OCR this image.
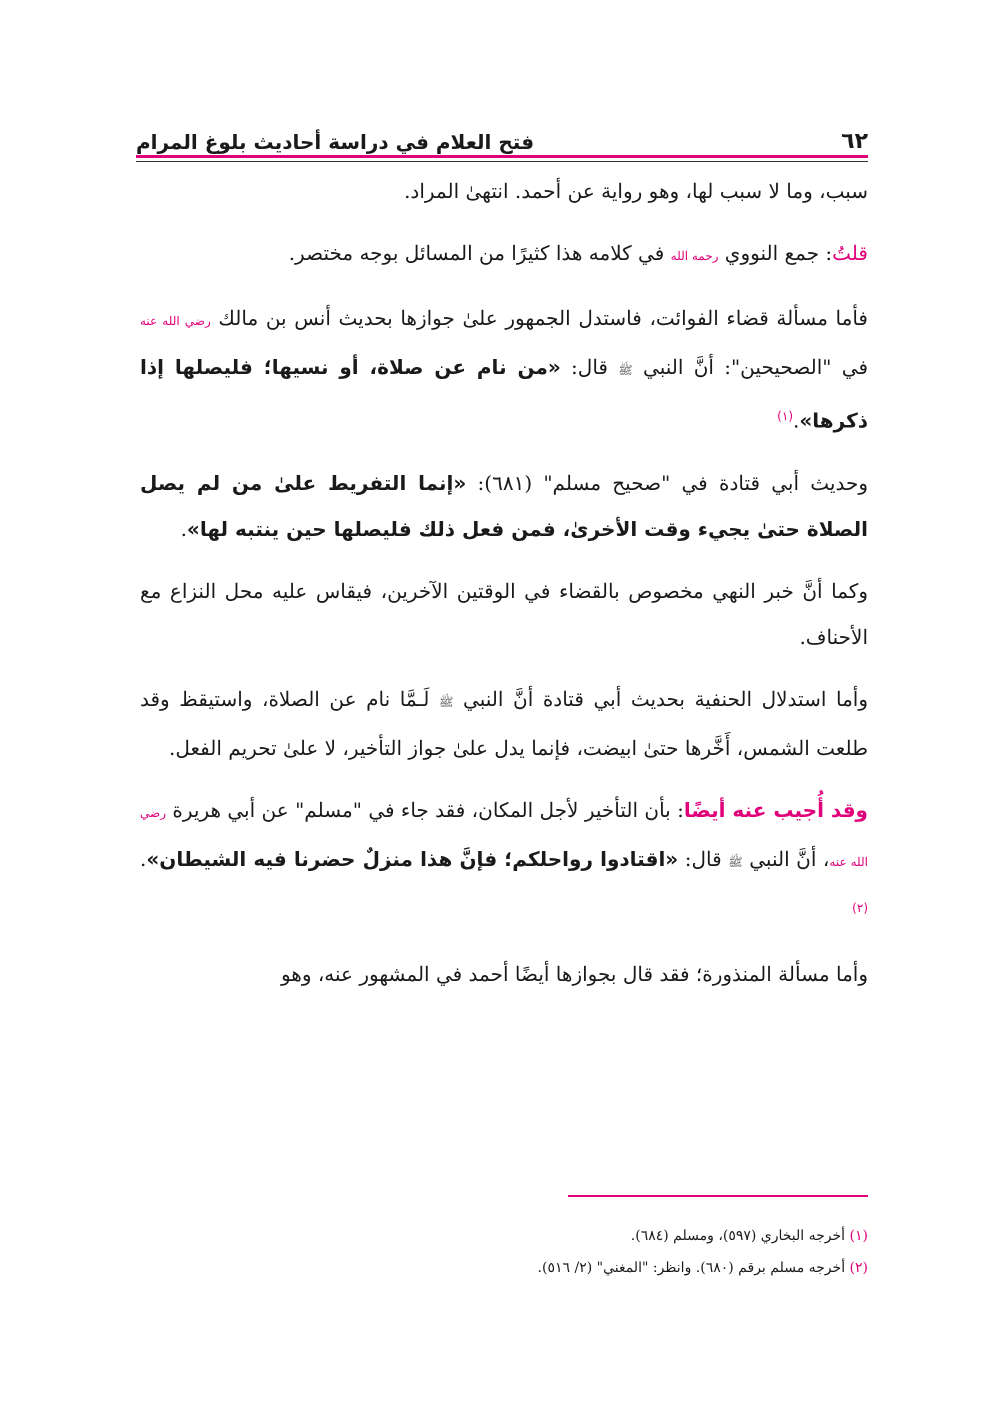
٦٢
فتح العلام في دراسة أحاديث بلوغ المرام

سبب، وما لا سبب لها، وهو رواية عن أحمد. انتهىٰ المراد.

قلتُ: جمع النووي رحمه الله في كلامه هذا كثيرًا من المسائل بوجه مختصر.

فأما مسألة قضاء الفوائت، فاستدل الجمهور علىٰ جوازها بحديث أنس بن مالك رضي الله عنه في "الصحيحين": أنَّ النبي ﷺ قال: «من نام عن صلاة، أو نسيها؛ فليصلها إذا ذكرها».$^{(١)}$

وحديث أبي قتادة في "صحيح مسلم" (٦٨١): «إنما التفريط علىٰ من لم يصل الصلاة حتىٰ يجيء وقت الأخرىٰ، فمن فعل ذلك فليصلها حين ينتبه لها».

وكما أنَّ خبر النهي مخصوص بالقضاء في الوقتين الآخرين، فيقاس عليه محل النزاع مع الأحناف.

وأما استدلال الحنفية بحديث أبي قتادة أنَّ النبي ﷺ لَـمَّا نام عن الصلاة، واستيقظ وقد طلعت الشمس، أَخَّرها حتىٰ ابيضت، فإنما يدل علىٰ جواز التأخير، لا علىٰ تحريم الفعل.

وقد أُجيب عنه أيضًا: بأن التأخير لأجل المكان، فقد جاء في "مسلم" عن أبي هريرة رضي الله عنه، أنَّ النبي ﷺ قال: «اقتادوا رواحلكم؛ فإنَّ هذا منزلٌ حضرنا فيه الشيطان».$^{(٢)}$

وأما مسألة المنذورة؛ فقد قال بجوازها أيضًا أحمد في المشهور عنه، وهو

(١) أخرجه البخاري (٥٩٧)، ومسلم (٦٨٤).

(٢) أخرجه مسلم برقم (٦٨٠). وانظر: "المغني" (٢/ ٥١٦).
